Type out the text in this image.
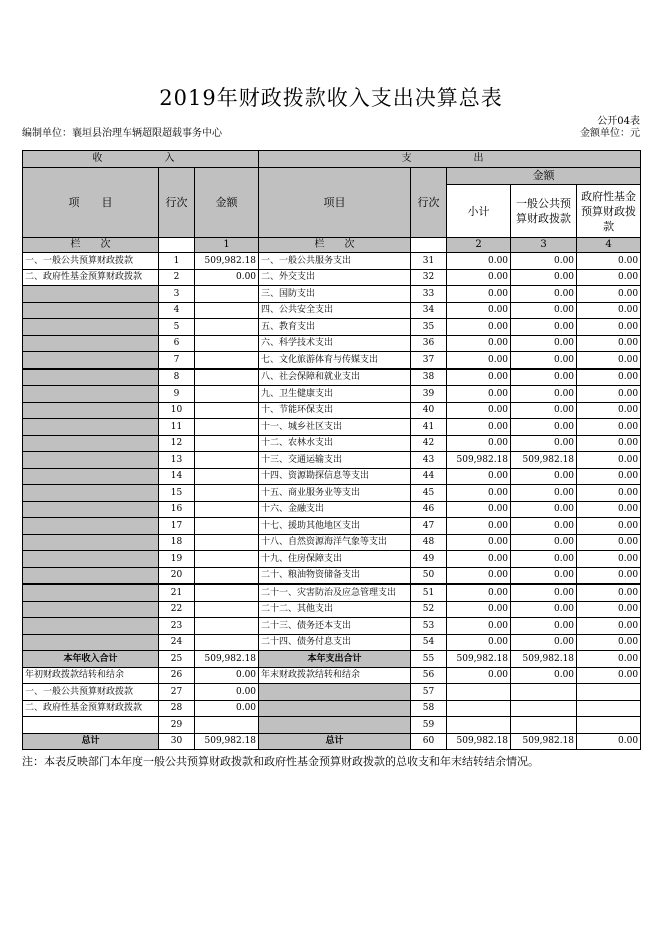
2019年财政拨款收入支出决算总表
公开04表
编制单位：襄垣县治理车辆超限超载事务中心	金额单位：元
收　　入			支　　出				
项　　目	行次	金额	项目	行次	金额		
					小计	一般公共预算财政拨款	政府性基金预算财政拨款
栏　　次		1	栏　　次		2	3	4
一、一般公共预算财政拨款	1	509,982.18	一、一般公共服务支出	31	0.00	0.00	0.00
二、政府性基金预算财政拨款	2	0.00	二、外交支出	32	0.00	0.00	0.00
	3		三、国防支出	33	0.00	0.00	0.00
	4		四、公共安全支出	34	0.00	0.00	0.00
	5		五、教育支出	35	0.00	0.00	0.00
	6		六、科学技术支出	36	0.00	0.00	0.00
	7		七、文化旅游体育与传媒支出	37	0.00	0.00	0.00
	8		八、社会保障和就业支出	38	0.00	0.00	0.00
	9		九、卫生健康支出	39	0.00	0.00	0.00
	10		十、节能环保支出	40	0.00	0.00	0.00
	11		十一、城乡社区支出	41	0.00	0.00	0.00
	12		十二、农林水支出	42	0.00	0.00	0.00
	13		十三、交通运输支出	43	509,982.18	509,982.18	0.00
	14		十四、资源勘探信息等支出	44	0.00	0.00	0.00
	15		十五、商业服务业等支出	45	0.00	0.00	0.00
	16		十六、金融支出	46	0.00	0.00	0.00
	17		十七、援助其他地区支出	47	0.00	0.00	0.00
	18		十八、自然资源海洋气象等支出	48	0.00	0.00	0.00
	19		十九、住房保障支出	49	0.00	0.00	0.00
	20		二十、粮油物资储备支出	50	0.00	0.00	0.00
	21		二十一、灾害防治及应急管理支出	51	0.00	0.00	0.00
	22		二十二、其他支出	52	0.00	0.00	0.00
	23		二十三、债务还本支出	53	0.00	0.00	0.00
	24		二十四、债务付息支出	54	0.00	0.00	0.00
本年收入合计	25	509,982.18	本年支出合计	55	509,982.18	509,982.18	0.00
年初财政拨款结转和结余	26	0.00	年末财政拨款结转和结余	56	0.00	0.00	0.00
一、一般公共预算财政拨款	27	0.00		57			
二、政府性基金预算财政拨款	28	0.00		58			
	29			59			
总计	30	509,982.18	总计	60	509,982.18	509,982.18	0.00
注：本表反映部门本年度一般公共预算财政拨款和政府性基金预算财政拨款的总收支和年末结转结余情况。
